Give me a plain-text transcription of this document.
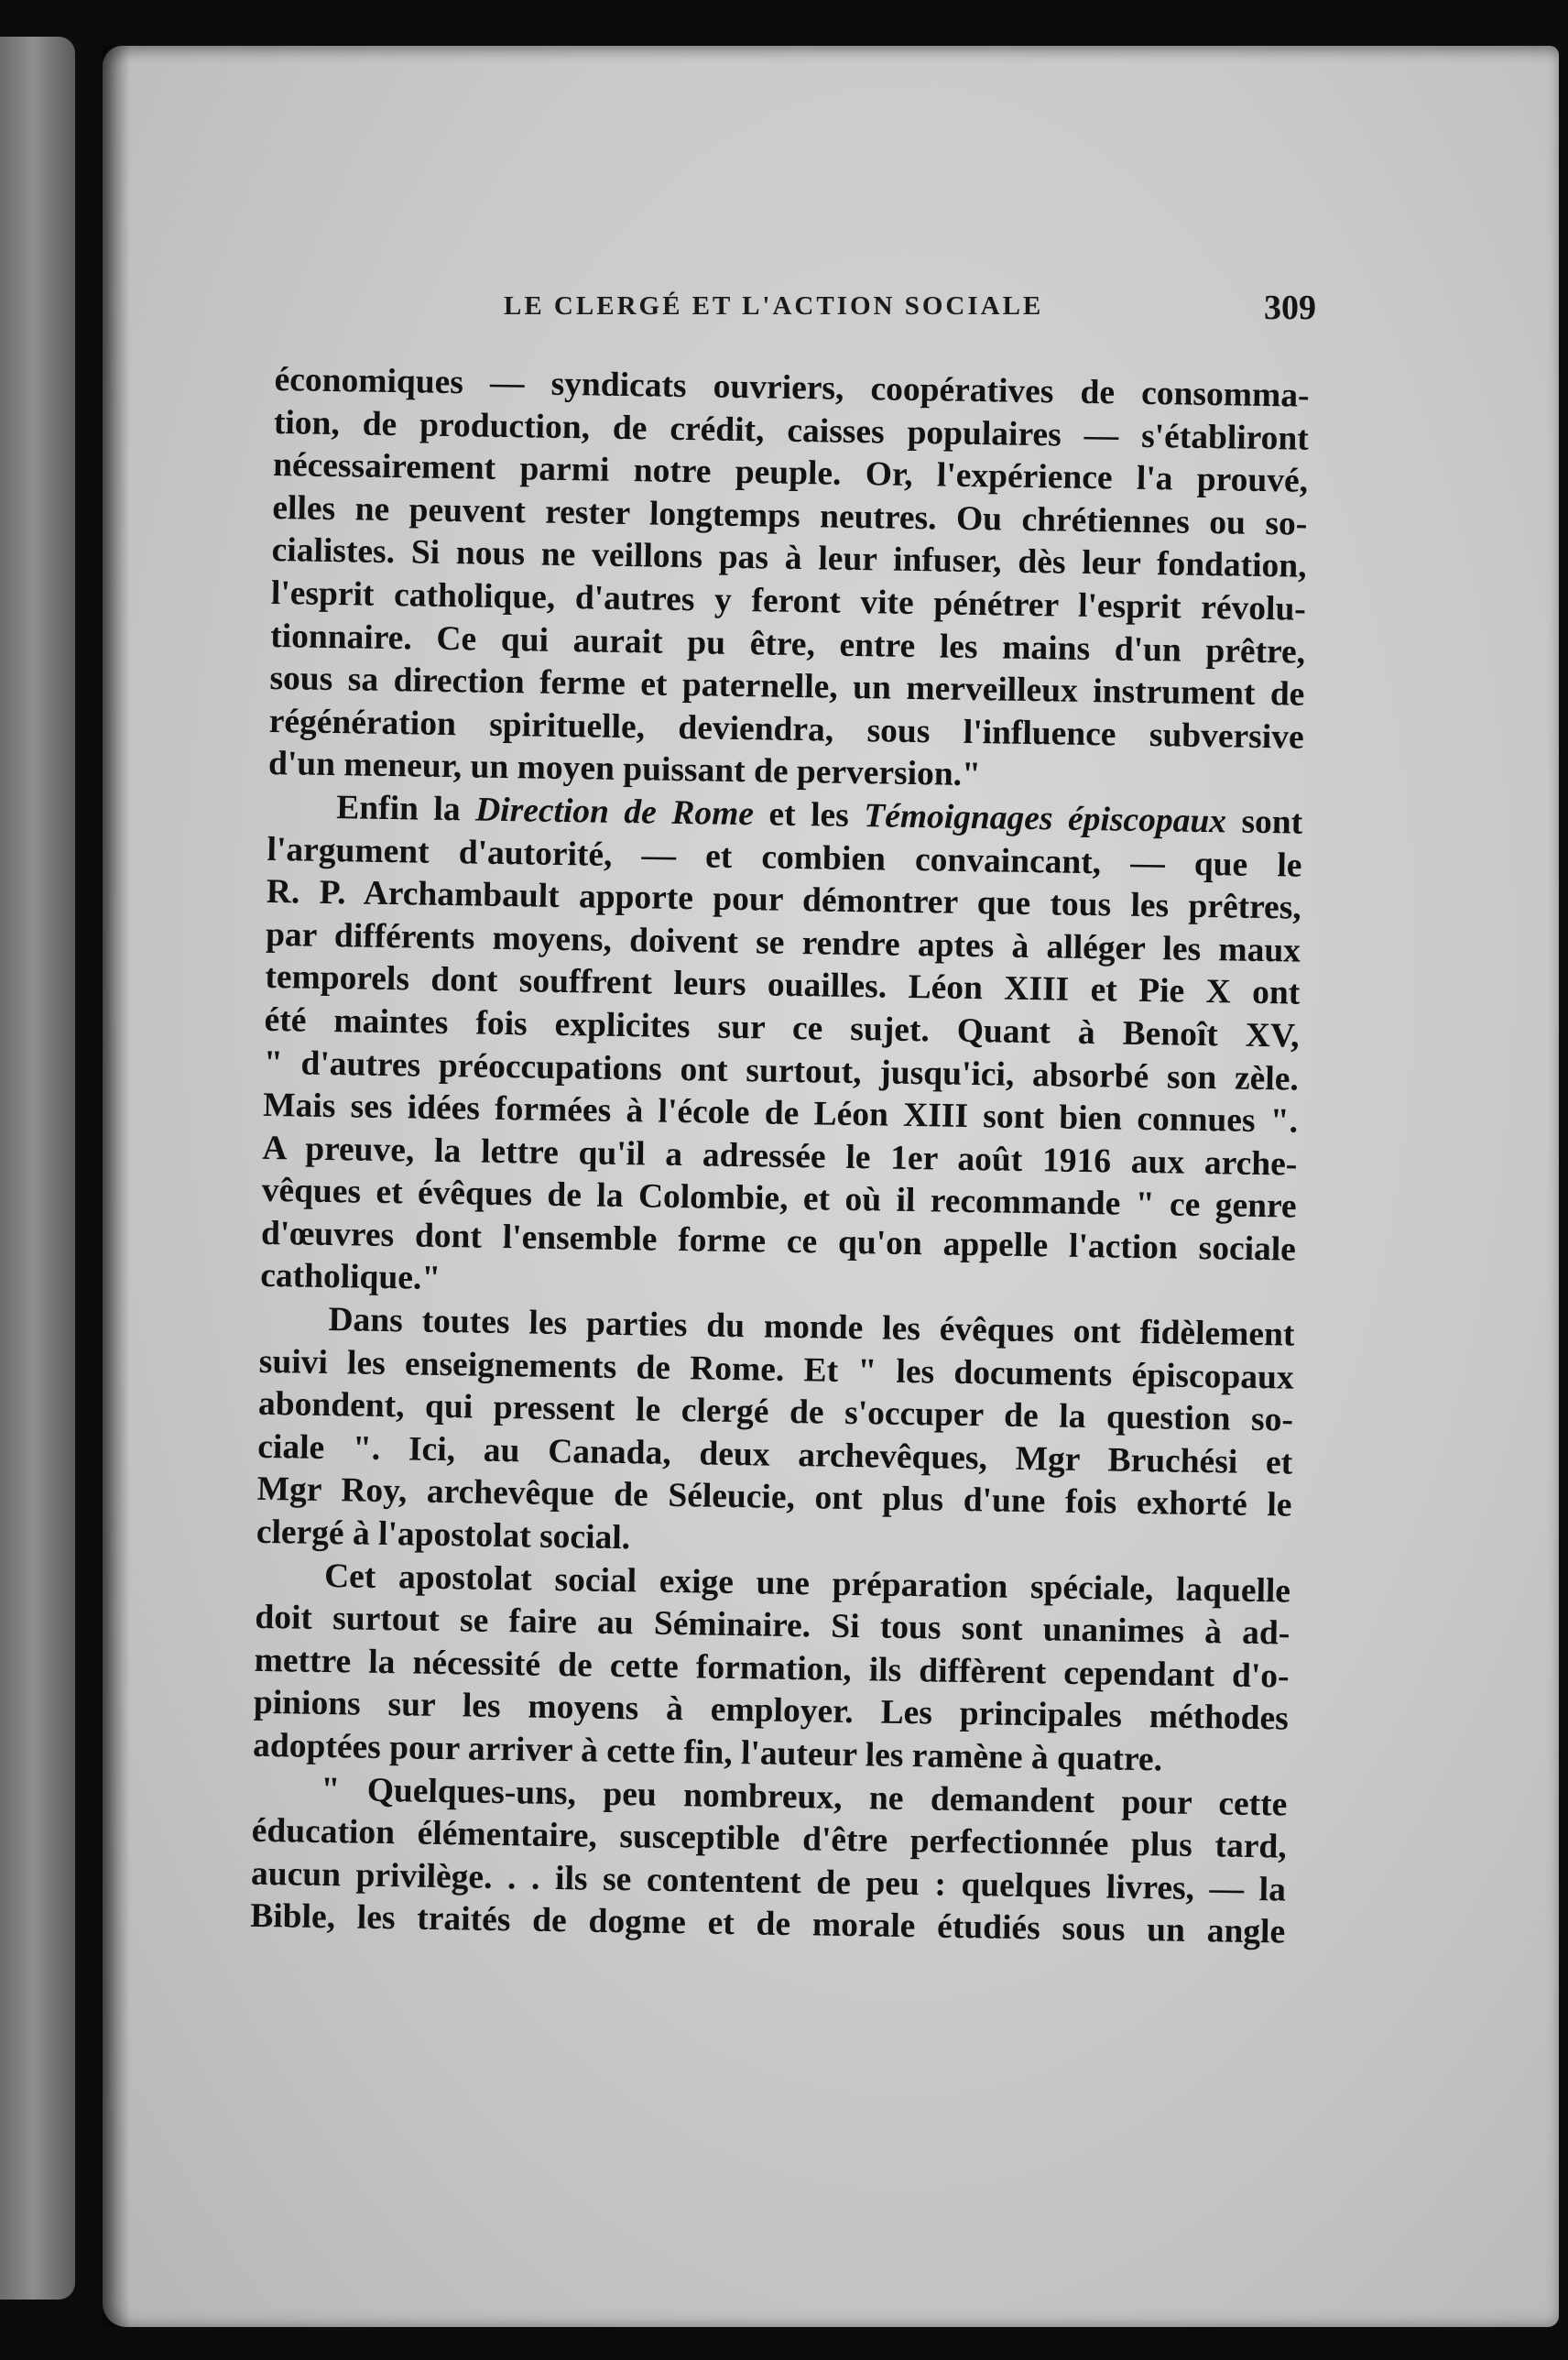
LE CLERGÉ ET L'ACTION SOCIALE	309
économiques — syndicats ouvriers, coopératives de consomma-
tion, de production, de crédit, caisses populaires — s'établiront
nécessairement parmi notre peuple. Or, l'expérience l'a prouvé,
elles ne peuvent rester longtemps neutres. Ou chrétiennes ou so-
cialistes. Si nous ne veillons pas à leur infuser, dès leur fondation,
l'esprit catholique, d'autres y feront vite pénétrer l'esprit révolu-
tionnaire. Ce qui aurait pu être, entre les mains d'un prêtre,
sous sa direction ferme et paternelle, un merveilleux instrument de
régénération spirituelle, deviendra, sous l'influence subversive
d'un meneur, un moyen puissant de perversion."
Enfin la Direction de Rome et les Témoignages épiscopaux sont
l'argument d'autorité, — et combien convaincant, — que le
R. P. Archambault apporte pour démontrer que tous les prêtres,
par différents moyens, doivent se rendre aptes à alléger les maux
temporels dont souffrent leurs ouailles. Léon XIII et Pie X ont
été maintes fois explicites sur ce sujet. Quant à Benoît XV,
" d'autres préoccupations ont surtout, jusqu'ici, absorbé son zèle.
Mais ses idées formées à l'école de Léon XIII sont bien connues ".
A preuve, la lettre qu'il a adressée le 1er août 1916 aux arche-
vêques et évêques de la Colombie, et où il recommande " ce genre
d'œuvres dont l'ensemble forme ce qu'on appelle l'action sociale
catholique."
Dans toutes les parties du monde les évêques ont fidèlement
suivi les enseignements de Rome. Et " les documents épiscopaux
abondent, qui pressent le clergé de s'occuper de la question so-
ciale ". Ici, au Canada, deux archevêques, Mgr Bruchési et
Mgr Roy, archevêque de Séleucie, ont plus d'une fois exhorté le
clergé à l'apostolat social.
Cet apostolat social exige une préparation spéciale, laquelle
doit surtout se faire au Séminaire. Si tous sont unanimes à ad-
mettre la nécessité de cette formation, ils diffèrent cependant d'o-
pinions sur les moyens à employer. Les principales méthodes
adoptées pour arriver à cette fin, l'auteur les ramène à quatre.
" Quelques-uns, peu nombreux, ne demandent pour cette
éducation élémentaire, susceptible d'être perfectionnée plus tard,
aucun privilège. . . ils se contentent de peu : quelques livres, — la
Bible, les traités de dogme et de morale étudiés sous un angle
